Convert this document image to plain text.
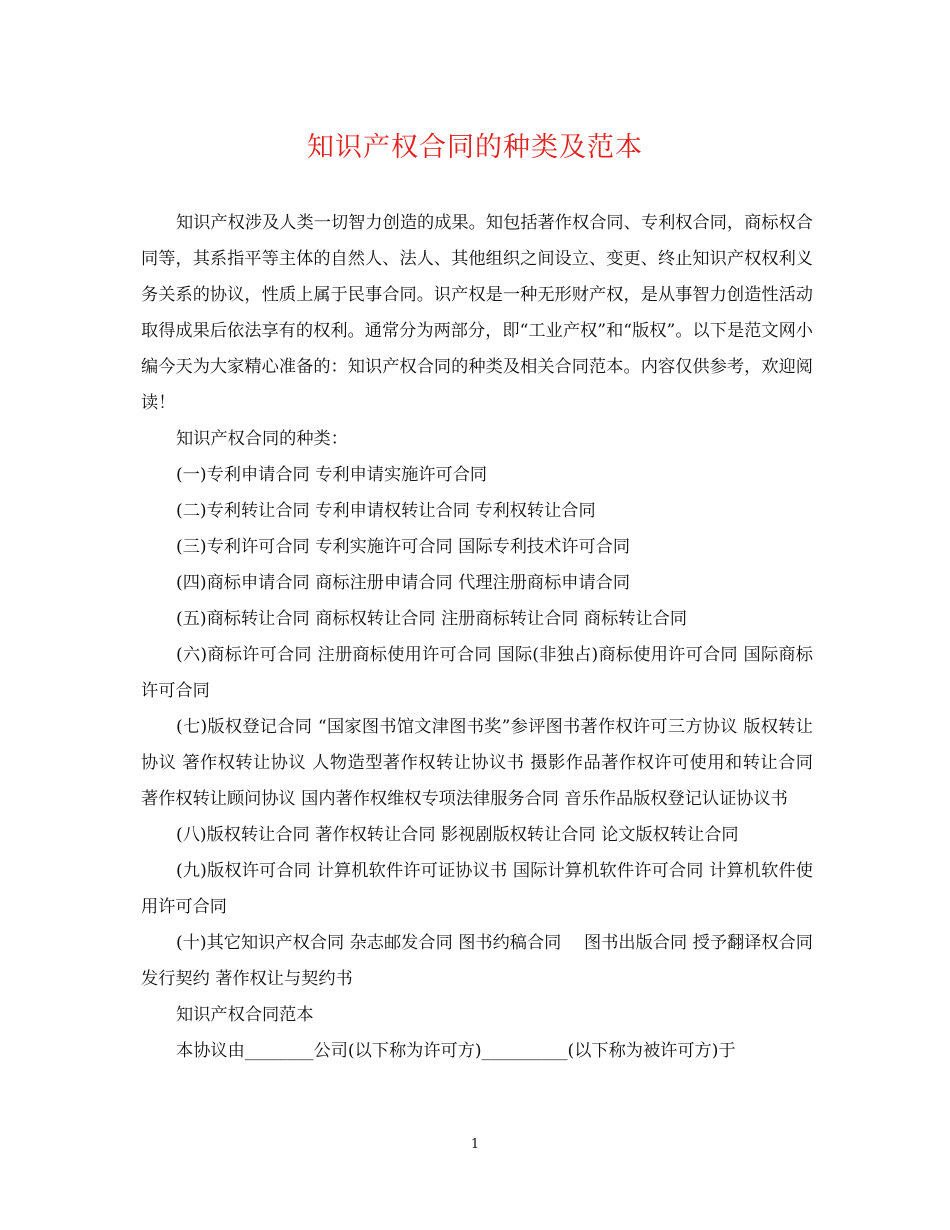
知识产权合同的种类及范本

知识产权涉及人类一切智力创造的成果。知包括著作权合同、专利权合同，商标权合同等，其系指平等主体的自然人、法人、其他组织之间设立、变更、终止知识产权权利义务关系的协议，性质上属于民事合同。识产权是一种无形财产权，是从事智力创造性活动取得成果后依法享有的权利。通常分为两部分，即“工业产权”和“版权”。以下是范文网小编今天为大家精心准备的：知识产权合同的种类及相关合同范本。内容仅供参考，欢迎阅读！

知识产权合同的种类：

(一)专利申请合同 专利申请实施许可合同

(二)专利转让合同 专利申请权转让合同 专利权转让合同

(三)专利许可合同 专利实施许可合同 国际专利技术许可合同

(四)商标申请合同 商标注册申请合同 代理注册商标申请合同

(五)商标转让合同 商标权转让合同 注册商标转让合同 商标转让合同

(六)商标许可合同 注册商标使用许可合同 国际(非独占)商标使用许可合同 国际商标许可合同

(七)版权登记合同 “国家图书馆文津图书奖”参评图书著作权许可三方协议 版权转让协议 箸作权转让协议 人物造型著作权转让协议书 摄影作品著作权许可使用和转让合同 著作权转让顾问协议 国内著作权维权专项法律服务合同 音乐作品版权登记认证协议书

(八)版权转让合同 著作权转让合同 影视剧版权转让合同 论文版权转让合同

(九)版权许可合同 计算机软件许可证协议书 国际计算机软件许可合同 计算机软件使用许可合同

(十)其它知识产权合同 杂志邮发合同 图书约稿合同　 图书出版合同 授予翻译权合同 发行契约 著作权让与契约书

知识产权合同范本

本协议由________公司(以下称为许可方)__________(以下称为被许可方)于

1
